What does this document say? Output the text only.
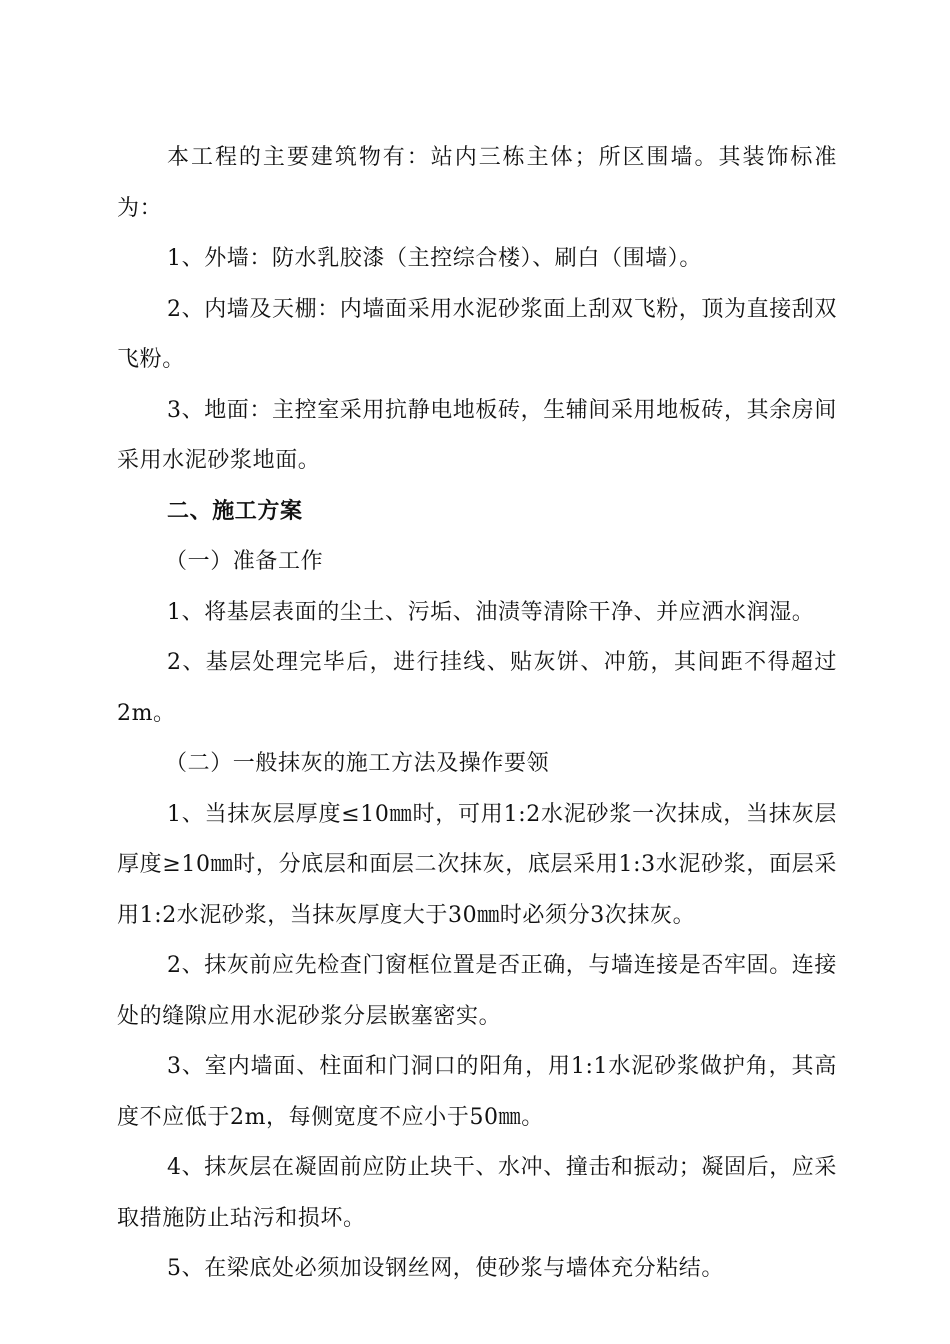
本工程的主要建筑物有：站内三栋主体；所区围墙。其装饰标准为：

1、外墙：防水乳胶漆（主控综合楼）、刷白（围墙）。

2、内墙及天棚：内墙面采用水泥砂浆面上刮双飞粉，顶为直接刮双飞粉。

3、地面：主控室采用抗静电地板砖，生辅间采用地板砖，其余房间采用水泥砂浆地面。

二、施工方案

（一）准备工作

1、将基层表面的尘土、污垢、油渍等清除干净、并应洒水润湿。

2、基层处理完毕后，进行挂线、贴灰饼、冲筋，其间距不得超过2m。

（二）一般抹灰的施工方法及操作要领

1、当抹灰层厚度≤10㎜时，可用1:2水泥砂浆一次抹成，当抹灰层厚度≥10㎜时，分底层和面层二次抹灰，底层采用1:3水泥砂浆，面层采用1:2水泥砂浆，当抹灰厚度大于30㎜时必须分3次抹灰。

2、抹灰前应先检查门窗框位置是否正确，与墙连接是否牢固。连接处的缝隙应用水泥砂浆分层嵌塞密实。

3、室内墙面、柱面和门洞口的阳角，用1:1水泥砂浆做护角，其高度不应低于2m，每侧宽度不应小于50㎜。

4、抹灰层在凝固前应防止块干、水冲、撞击和振动；凝固后，应采取措施防止玷污和损坏。

5、在梁底处必须加设钢丝网，使砂浆与墙体充分粘结。
